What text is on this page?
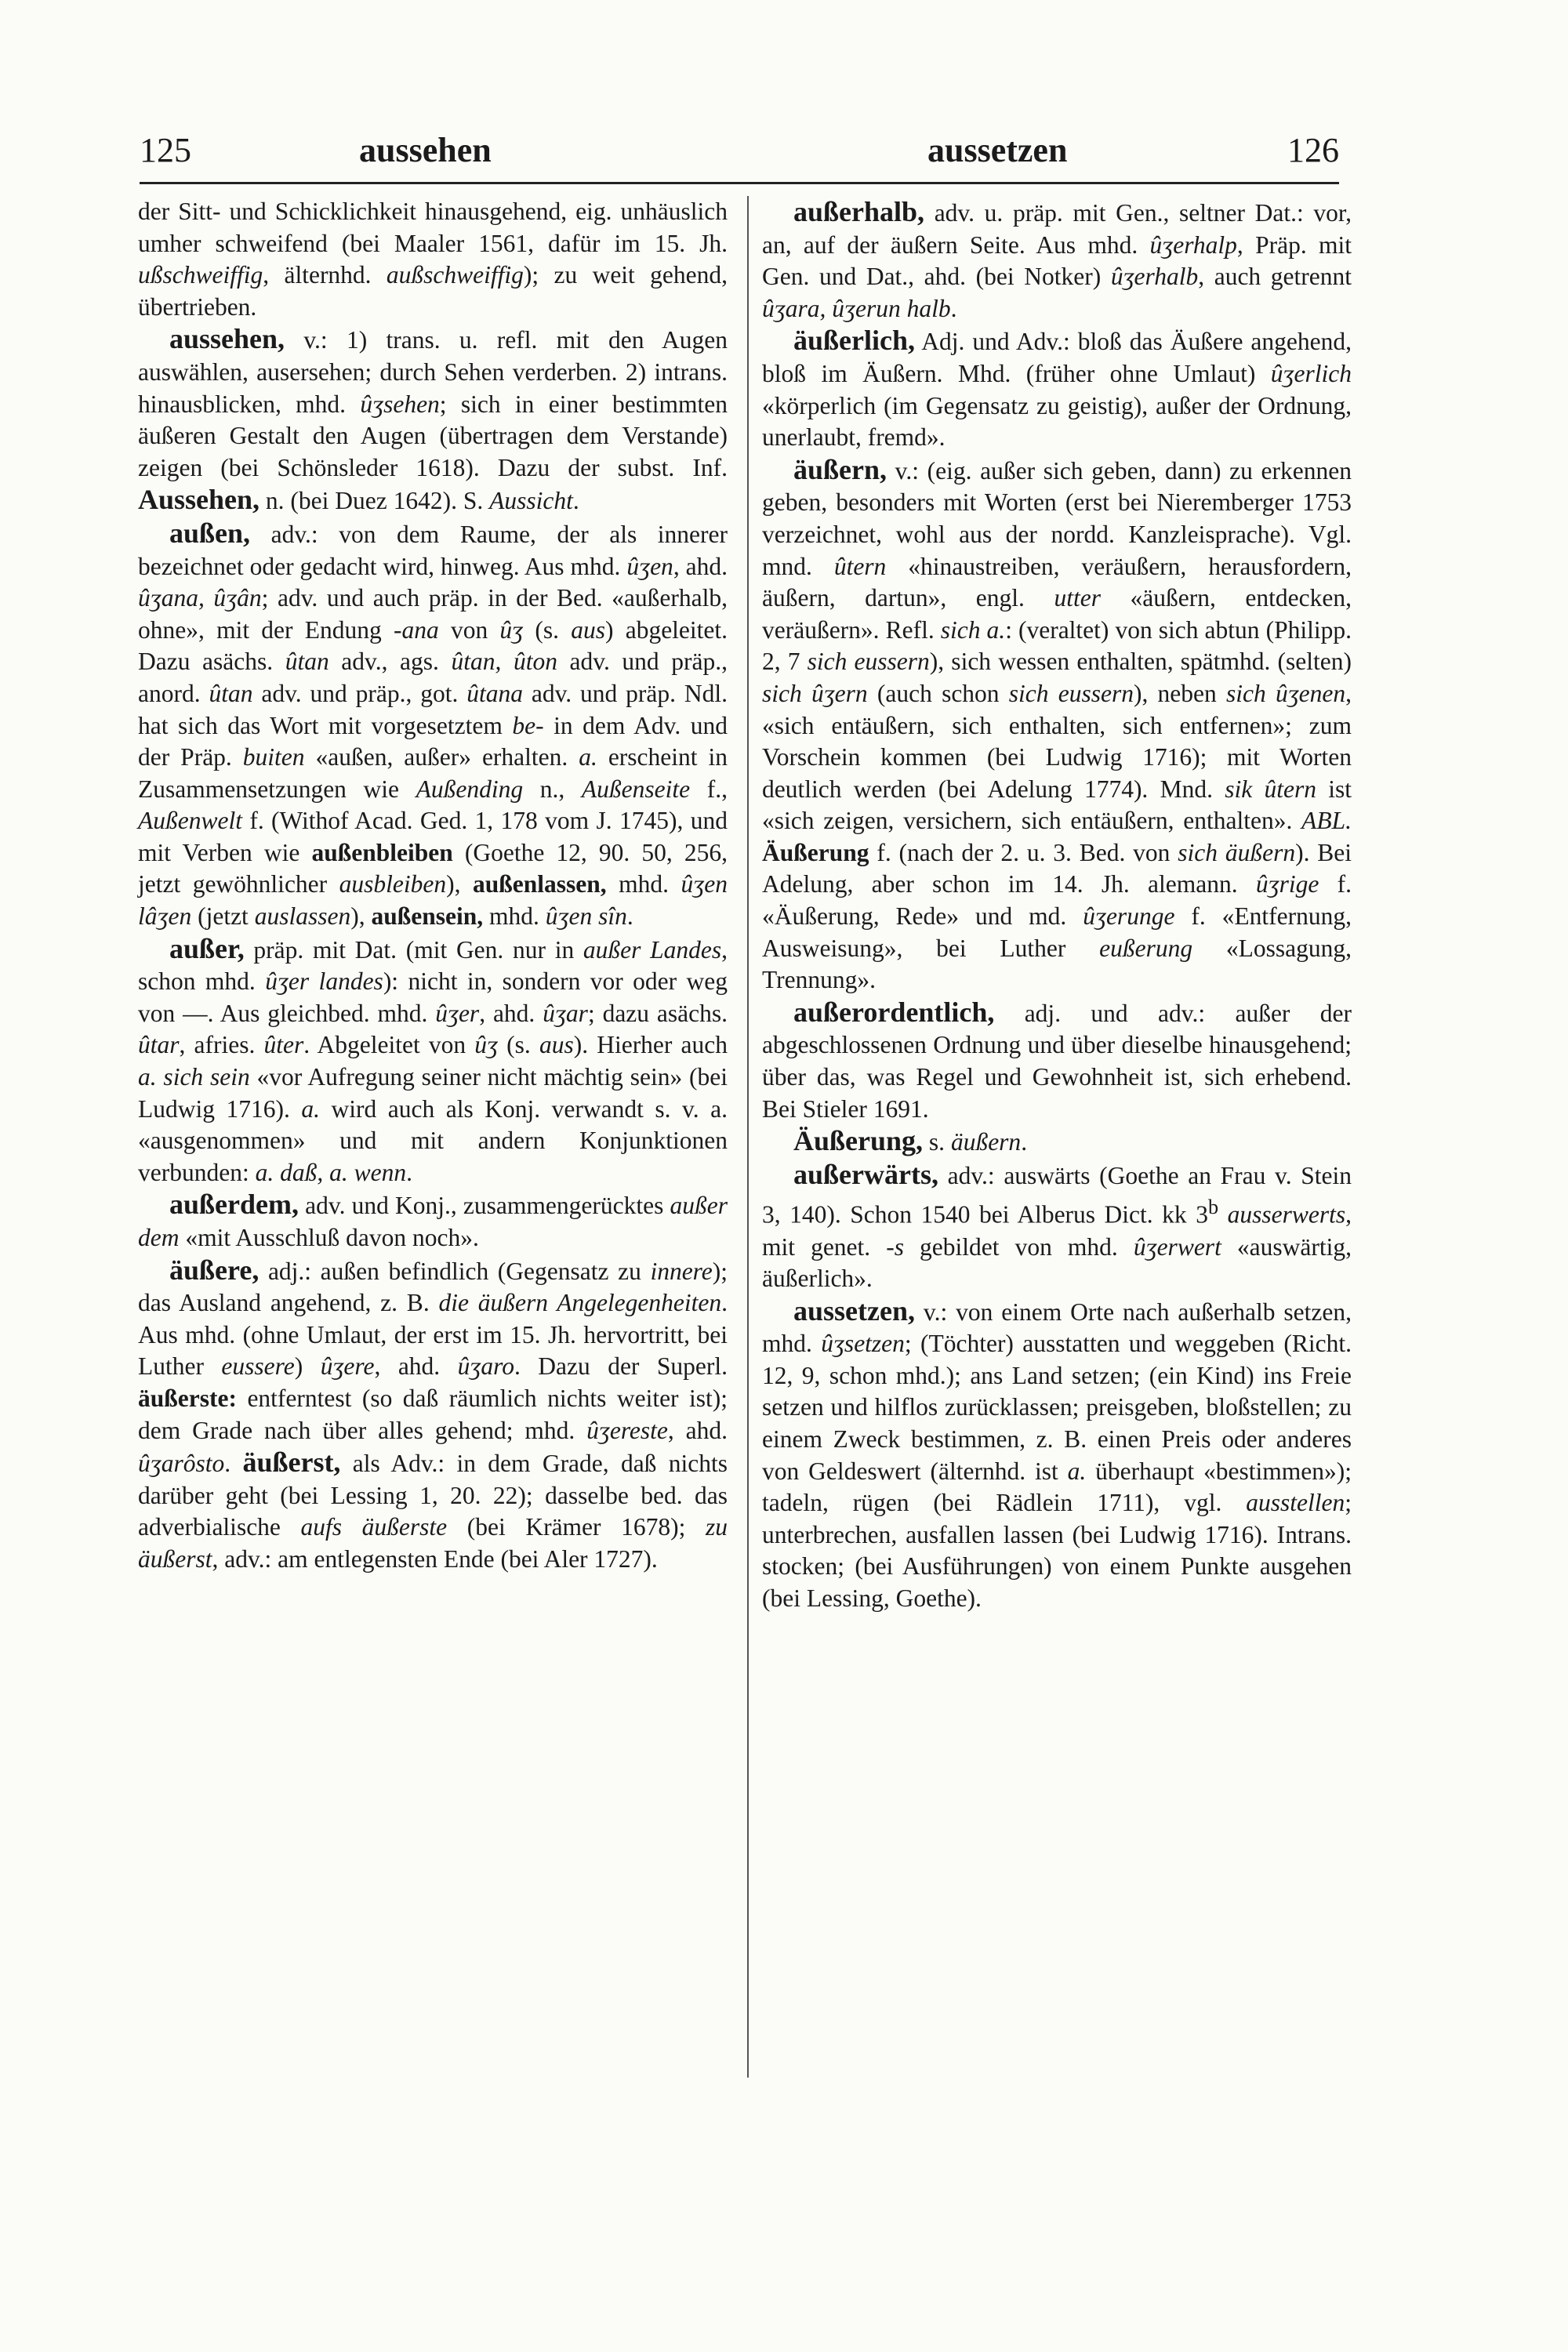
125	aussehen	aussetzen	126

der Sitt- und Schicklichkeit hinausgehend, eig. unhäuslich umher schweifend (bei Maaler 1561, dafür im 15. Jh. ußschweiffig, älternhd. außschweiffig); zu weit gehend, übertrieben.

aussehen, v.: 1) trans. u. refl. mit den Augen auswählen, ausersehen; durch Sehen verderben. 2) intrans. hinausblicken, mhd. ûʒsehen; sich in einer bestimmten äußeren Gestalt den Augen (übertragen dem Verstande) zeigen (bei Schönsleder 1618). Dazu der subst. Inf. Aussehen, n. (bei Duez 1642). S. Aussicht.

außen, adv.: von dem Raume, der als innerer bezeichnet oder gedacht wird, hinweg. Aus mhd. ûʒen, ahd. ûʒana, ûʒân; adv. und auch präp. in der Bed. «außerhalb, ohne», mit der Endung -ana von ûʒ (s. aus) abgeleitet. Dazu asächs. ûtan adv., ags. ûtan, ûton adv. und präp., anord. ûtan adv. und präp., got. ûtana adv. und präp. Ndl. hat sich das Wort mit vorgesetztem be- in dem Adv. und der Präp. buiten «außen, außer» erhalten. a. erscheint in Zusammensetzungen wie Außending n., Außenseite f., Außenwelt f. (Withof Acad. Ged. 1, 178 vom J. 1745), und mit Verben wie außenbleiben (Goethe 12, 90. 50, 256, jetzt gewöhnlicher ausbleiben), außenlassen, mhd. ûʒen lâʒen (jetzt auslassen), außensein, mhd. ûʒen sîn.

außer, präp. mit Dat. (mit Gen. nur in außer Landes, schon mhd. ûʒer landes): nicht in, sondern vor oder weg von —. Aus gleichbed. mhd. ûʒer, ahd. ûʒar; dazu asächs. ûtar, afries. ûter. Abgeleitet von ûʒ (s. aus). Hierher auch a. sich sein «vor Aufregung seiner nicht mächtig sein» (bei Ludwig 1716). a. wird auch als Konj. verwandt s. v. a. «ausgenommen» und mit andern Konjunktionen verbunden: a. daß, a. wenn.

außerdem, adv. und Konj., zusammengerücktes außer dem «mit Ausschluß davon noch».

äußere, adj.: außen befindlich (Gegensatz zu innere); das Ausland angehend, z. B. die äußern Angelegenheiten. Aus mhd. (ohne Umlaut, der erst im 15. Jh. hervortritt, bei Luther eussere) ûʒere, ahd. ûʒaro. Dazu der Superl. äußerste: entferntest (so daß räumlich nichts weiter ist); dem Grade nach über alles gehend; mhd. ûʒereste, ahd. ûʒarôsto. äußerst, als Adv.: in dem Grade, daß nichts darüber geht (bei Lessing 1, 20. 22); dasselbe bed. das adverbialische aufs äußerste (bei Krämer 1678); zu äußerst, adv.: am entlegensten Ende (bei Aler 1727).

außerhalb, adv. u. präp. mit Gen., seltner Dat.: vor, an, auf der äußern Seite. Aus mhd. ûʒerhalp, Präp. mit Gen. und Dat., ahd. (bei Notker) ûʒerhalb, auch getrennt ûʒara, ûʒerun halb.

äußerlich, Adj. und Adv.: bloß das Äußere angehend, bloß im Äußern. Mhd. (früher ohne Umlaut) ûʒerlich «körperlich (im Gegensatz zu geistig), außer der Ordnung, unerlaubt, fremd».

äußern, v.: (eig. außer sich geben, dann) zu erkennen geben, besonders mit Worten (erst bei Nieremberger 1753 verzeichnet, wohl aus der nordd. Kanzleisprache). Vgl. mnd. ûtern «hinaustreiben, veräußern, herausfordern, äußern, dartun», engl. utter «äußern, entdecken, veräußern». Refl. sich a.: (veraltet) von sich abtun (Philipp. 2, 7 sich eussern), sich wessen enthalten, spätmhd. (selten) sich ûʒern (auch schon sich eussern), neben sich ûʒenen, «sich entäußern, sich enthalten, sich entfernen»; zum Vorschein kommen (bei Ludwig 1716); mit Worten deutlich werden (bei Adelung 1774). Mnd. sik ûtern ist «sich zeigen, versichern, sich entäußern, enthalten». ABL. Äußerung f. (nach der 2. u. 3. Bed. von sich äußern). Bei Adelung, aber schon im 14. Jh. alemann. ûʒrige f. «Äußerung, Rede» und md. ûʒerunge f. «Entfernung, Ausweisung», bei Luther eußerung «Lossagung, Trennung».

außerordentlich, adj. und adv.: außer der abgeschlossenen Ordnung und über dieselbe hinausgehend; über das, was Regel und Gewohnheit ist, sich erhebend. Bei Stieler 1691.

Äußerung, s. äußern.

außerwärts, adv.: auswärts (Goethe an Frau v. Stein 3, 140). Schon 1540 bei Alberus Dict. kk 3$^b$ ausserwerts, mit genet. -s gebildet von mhd. ûʒerwert «auswärtig, äußerlich».

aussetzen, v.: von einem Orte nach außerhalb setzen, mhd. ûʒsetzen; (Töchter) ausstatten und weggeben (Richt. 12, 9, schon mhd.); ans Land setzen; (ein Kind) ins Freie setzen und hilflos zurücklassen; preisgeben, bloßstellen; zu einem Zweck bestimmen, z. B. einen Preis oder anderes von Geldeswert (älternhd. ist a. überhaupt «bestimmen»); tadeln, rügen (bei Rädlein 1711), vgl. ausstellen; unterbrechen, ausfallen lassen (bei Ludwig 1716). Intrans. stocken; (bei Ausführungen) von einem Punkte ausgehen (bei Lessing, Goethe).
